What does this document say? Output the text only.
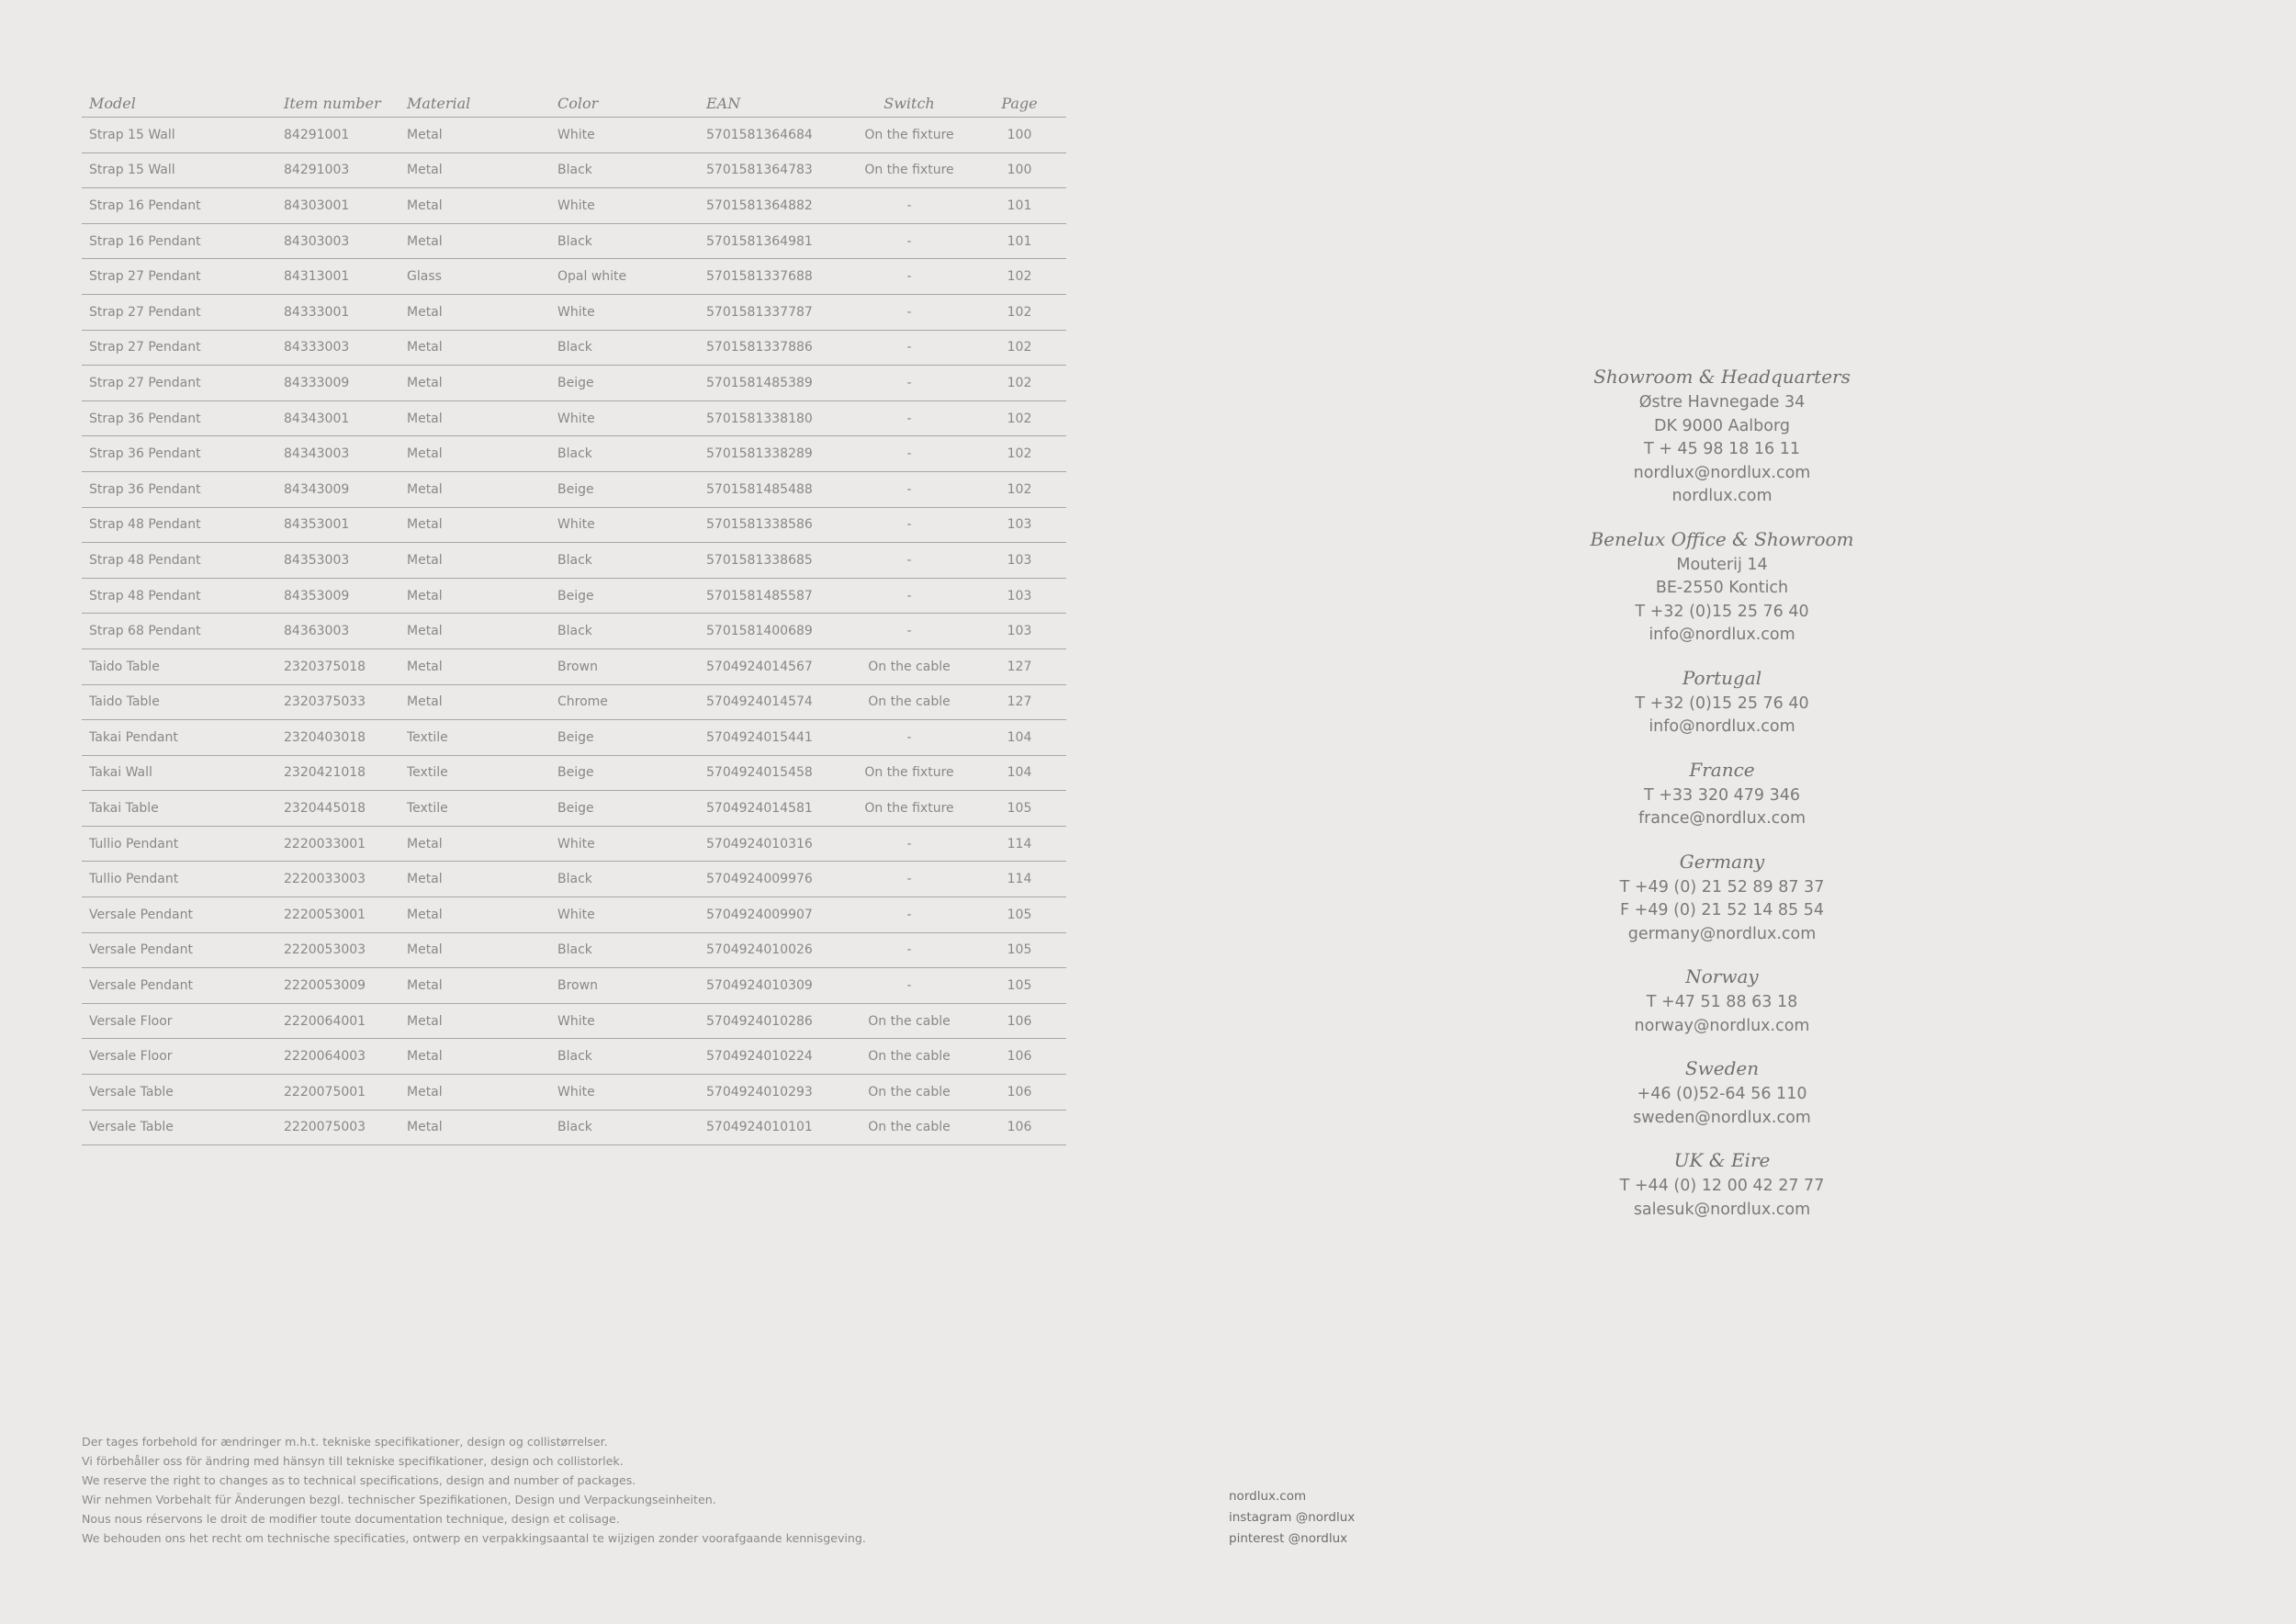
Model	Item number	Material	Color	EAN	Switch	Page
Strap 15 Wall	84291001	Metal	White	5701581364684	On the fixture	100
Strap 15 Wall	84291003	Metal	Black	5701581364783	On the fixture	100
Strap 16 Pendant	84303001	Metal	White	5701581364882	-	101
Strap 16 Pendant	84303003	Metal	Black	5701581364981	-	101
Strap 27 Pendant	84313001	Glass	Opal white	5701581337688	-	102
Strap 27 Pendant	84333001	Metal	White	5701581337787	-	102
Strap 27 Pendant	84333003	Metal	Black	5701581337886	-	102
Strap 27 Pendant	84333009	Metal	Beige	5701581485389	-	102
Strap 36 Pendant	84343001	Metal	White	5701581338180	-	102
Strap 36 Pendant	84343003	Metal	Black	5701581338289	-	102
Strap 36 Pendant	84343009	Metal	Beige	5701581485488	-	102
Strap 48 Pendant	84353001	Metal	White	5701581338586	-	103
Strap 48 Pendant	84353003	Metal	Black	5701581338685	-	103
Strap 48 Pendant	84353009	Metal	Beige	5701581485587	-	103
Strap 68 Pendant	84363003	Metal	Black	5701581400689	-	103
Taido Table	2320375018	Metal	Brown	5704924014567	On the cable	127
Taido Table	2320375033	Metal	Chrome	5704924014574	On the cable	127
Takai Pendant	2320403018	Textile	Beige	5704924015441	-	104
Takai Wall	2320421018	Textile	Beige	5704924015458	On the fixture	104
Takai Table	2320445018	Textile	Beige	5704924014581	On the fixture	105
Tullio Pendant	2220033001	Metal	White	5704924010316	-	114
Tullio Pendant	2220033003	Metal	Black	5704924009976	-	114
Versale Pendant	2220053001	Metal	White	5704924009907	-	105
Versale Pendant	2220053003	Metal	Black	5704924010026	-	105
Versale Pendant	2220053009	Metal	Brown	5704924010309	-	105
Versale Floor	2220064001	Metal	White	5704924010286	On the cable	106
Versale Floor	2220064003	Metal	Black	5704924010224	On the cable	106
Versale Table	2220075001	Metal	White	5704924010293	On the cable	106
Versale Table	2220075003	Metal	Black	5704924010101	On the cable	106
Showroom & Headquarters
Østre Havnegade 34
DK 9000 Aalborg
T + 45 98 18 16 11
nordlux@nordlux.com
nordlux.com
Benelux Office & Showroom
Mouterij 14
BE-2550 Kontich
T +32 (0)15 25 76 40
info@nordlux.com
Portugal
T +32 (0)15 25 76 40
info@nordlux.com
France
T +33 320 479 346
france@nordlux.com
Germany
T +49 (0) 21 52 89 87 37
F +49 (0) 21 52 14 85 54
germany@nordlux.com
Norway
T +47 51 88 63 18
norway@nordlux.com
Sweden
+46 (0)52-64 56 110
sweden@nordlux.com
UK & Eire
T +44 (0) 12 00 42 27 77
salesuk@nordlux.com
Der tages forbehold for ændringer m.h.t. tekniske specifikationer, design og collistørrelser.
Vi förbehåller oss för ändring med hänsyn till tekniske specifikationer, design och collistorlek.
We reserve the right to changes as to technical specifications, design and number of packages.
Wir nehmen Vorbehalt für Änderungen bezgl. technischer Spezifikationen, Design und Verpackungseinheiten.
Nous nous réservons le droit de modifier toute documentation technique, design et colisage.
We behouden ons het recht om technische specificaties, ontwerp en verpakkingsaantal te wijzigen zonder voorafgaande kennisgeving.
nordlux.com
instagram @nordlux
pinterest @nordlux
